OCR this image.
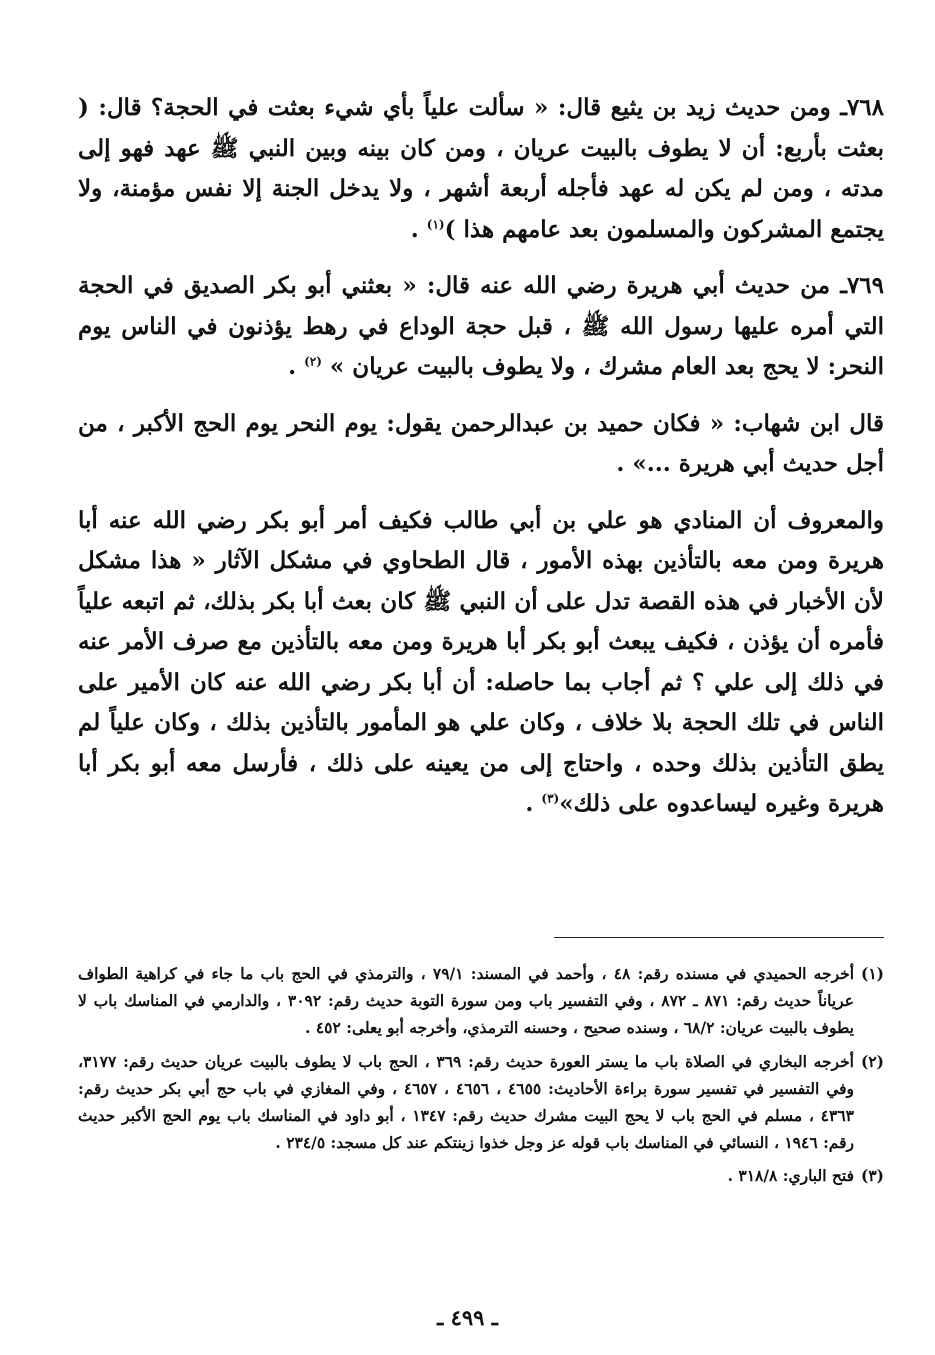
٧٦٨ـ ومن حديث زيد بن يثيع قال: « سألت علياً بأي شيء بعثت في الحجة؟ قال: ( بعثت بأربع: أن لا يطوف بالبيت عريان ، ومن كان بينه وبين النبي ﷺ عهد فهو إلى مدته ، ومن لم يكن له عهد فأجله أربعة أشهر ، ولا يدخل الجنة إلا نفس مؤمنة، ولا يجتمع المشركون والمسلمون بعد عامهم هذا )$^{(١)}$ .

٧٦٩ـ من حديث أبي هريرة رضي الله عنه قال: « بعثني أبو بكر الصديق في الحجة التي أمره عليها رسول الله ﷺ ، قبل حجة الوداع في رهط يؤذنون في الناس يوم النحر: لا يحج بعد العام مشرك ، ولا يطوف بالبيت عريان » $^{(٢)}$ .

قال ابن شهاب: « فكان حميد بن عبدالرحمن يقول: يوم النحر يوم الحج الأكبر ، من أجل حديث أبي هريرة ...» .

والمعروف أن المنادي هو علي بن أبي طالب فكيف أمر أبو بكر رضي الله عنه أبا هريرة ومن معه بالتأذين بهذه الأمور ، قال الطحاوي في مشكل الآثار « هذا مشكل لأن الأخبار في هذه القصة تدل على أن النبي ﷺ كان بعث أبا بكر بذلك، ثم اتبعه علياً فأمره أن يؤذن ، فكيف يبعث أبو بكر أبا هريرة ومن معه بالتأذين مع صرف الأمر عنه في ذلك إلى علي ؟ ثم أجاب بما حاصله: أن أبا بكر رضي الله عنه كان الأمير على الناس في تلك الحجة بلا خلاف ، وكان علي هو المأمور بالتأذين بذلك ، وكان علياً لم يطق التأذين بذلك وحده ، واحتاج إلى من يعينه على ذلك ، فأرسل معه أبو بكر أبا هريرة وغيره ليساعدوه على ذلك»$^{(٣)}$ .

(١)
أخرجه الحميدي في مسنده رقم: ٤٨ ، وأحمد في المسند: ٧٩/١ ، والترمذي في الحج باب ما جاء في كراهية الطواف عرياناً حديث رقم: ٨٧١ ـ ٨٧٢ ، وفي التفسير باب ومن سورة التوبة حديث رقم: ٣٠٩٢ ، والدارمي في المناسك باب لا يطوف بالبيت عريان: ٦٨/٢ ، وسنده صحيح ، وحسنه الترمذي، وأخرجه أبو يعلى: ٤٥٢ .
(٢)
أخرجه البخاري في الصلاة باب ما يستر العورة حديث رقم: ٣٦٩ ، الحج باب لا يطوف بالبيت عريان حديث رقم: ٣١٧٧، وفي التفسير في تفسير سورة براءة الأحاديث: ٤٦٥٥ ، ٤٦٥٦ ، ٤٦٥٧ ، وفي المغازي في باب حج أبي بكر حديث رقم: ٤٣٦٣ ، مسلم في الحج باب لا يحج البيت مشرك حديث رقم: ١٣٤٧ ، أبو داود في المناسك باب يوم الحج الأكبر حديث رقم: ١٩٤٦ ، النسائي في المناسك باب قوله عز وجل خذوا زينتكم عند كل مسجد: ٢٣٤/٥ .
(٣)
فتح الباري: ٣١٨/٨ .
ـ ٤٩٩ ـ
